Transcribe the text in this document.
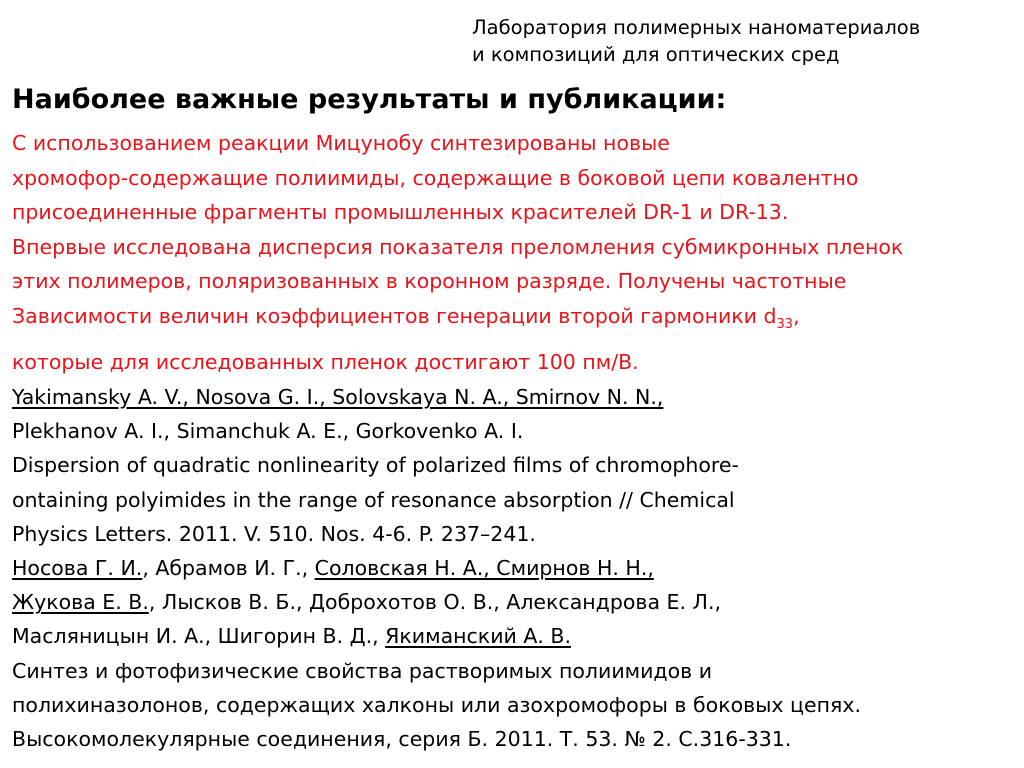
Лаборатория полимерных наноматериалов
и композиций для оптических сред
Наиболее важные результаты и публикации:
С использованием реакции Мицунобу синтезированы новые
хромофор-содержащие полиимиды, содержащие в боковой цепи ковалентно
присоединенные фрагменты промышленных красителей DR-1 и DR-13.
Впервые исследована дисперсия показателя преломления субмикронных пленок
этих полимеров, поляризованных в коронном разряде. Получены частотные
Зависимости величин коэффициентов генерации второй гармоники $d_{33}$,
которые для исследованных пленок достигают 100 пм/В.
Yakimansky A. V., Nosova G. I., Solovskaya N. A., Smirnov N. N.,
Plekhanov A. I., Simanchuk A. E., Gorkovenko A. I.
Dispersion of quadratic nonlinearity of polarized films of chromophore-
ontaining polyimides in the range of resonance absorption // Chemical
Physics Letters. 2011. V. 510. Nos. 4-6. P. 237–241.
Носова Г. И., Абрамов И. Г., Соловская Н. А., Смирнов Н. Н.,
Жукова Е. В., Лысков В. Б., Доброхотов О. В., Александрова Е. Л.,
Масляницын И. А., Шигорин В. Д., Якиманский А. В.
Синтез и фотофизические свойства растворимых полиимидов и
полихиназолонов, содержащих халконы или азохромофоры в боковых цепях.
Высокомолекулярные соединения, серия Б. 2011. Т. 53. № 2. С.316-331.
